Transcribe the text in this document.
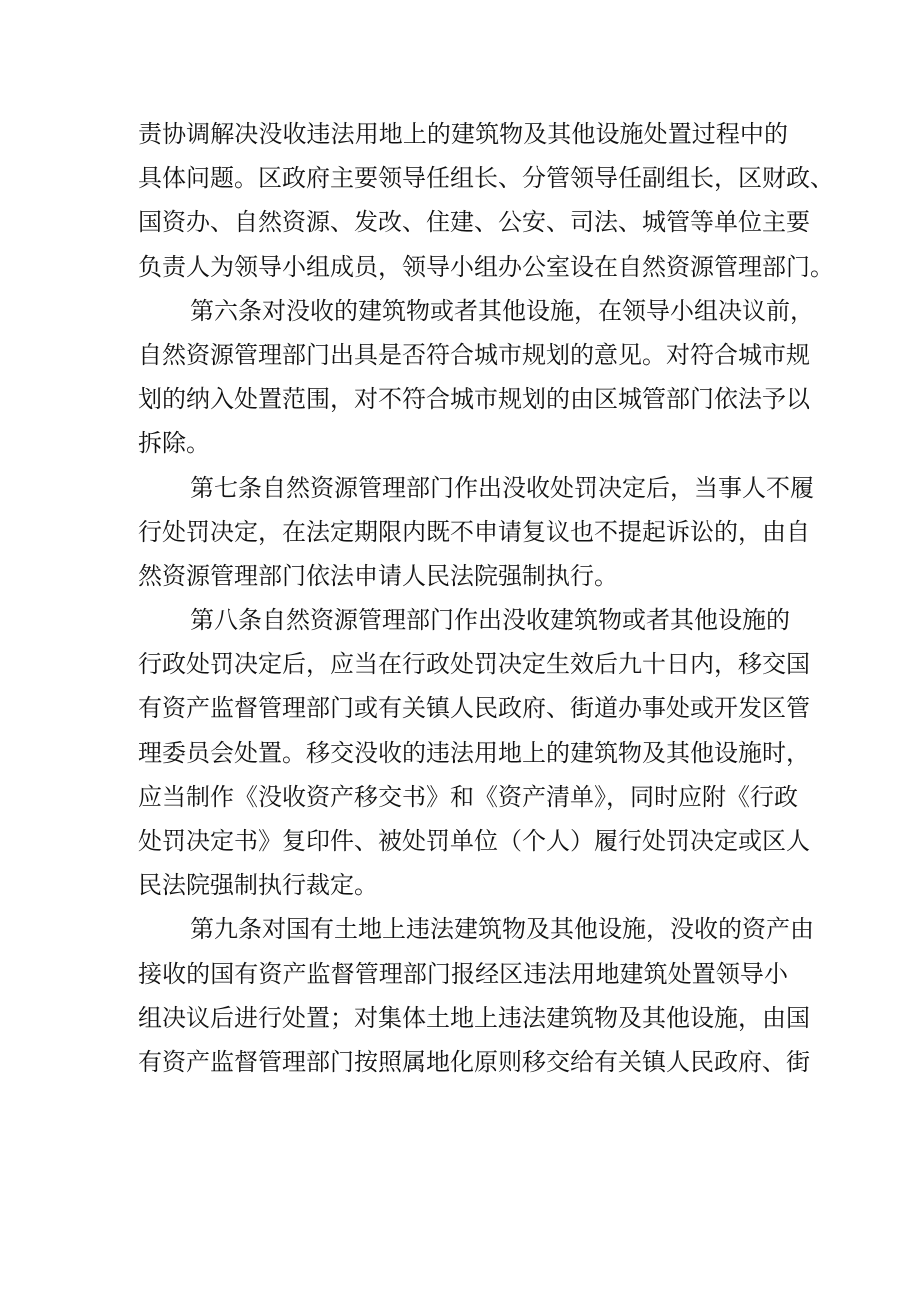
责协调解决没收违法用地上的建筑物及其他设施处置过程中的
具体问题。区政府主要领导任组长、分管领导任副组长，区财政、
国资办、自然资源、发改、住建、公安、司法、城管等单位主要
负责人为领导小组成员，领导小组办公室设在自然资源管理部门。
第六条对没收的建筑物或者其他设施，在领导小组决议前，
自然资源管理部门出具是否符合城市规划的意见。对符合城市规
划的纳入处置范围，对不符合城市规划的由区城管部门依法予以
拆除。
第七条自然资源管理部门作出没收处罚决定后，当事人不履
行处罚决定，在法定期限内既不申请复议也不提起诉讼的，由自
然资源管理部门依法申请人民法院强制执行。
第八条自然资源管理部门作出没收建筑物或者其他设施的
行政处罚决定后，应当在行政处罚决定生效后九十日内，移交国
有资产监督管理部门或有关镇人民政府、街道办事处或开发区管
理委员会处置。移交没收的违法用地上的建筑物及其他设施时，
应当制作《没收资产移交书》和《资产清单》，同时应附《行政
处罚决定书》复印件、被处罚单位（个人）履行处罚决定或区人
民法院强制执行裁定。
第九条对国有土地上违法建筑物及其他设施，没收的资产由
接收的国有资产监督管理部门报经区违法用地建筑处置领导小
组决议后进行处置；对集体土地上违法建筑物及其他设施，由国
有资产监督管理部门按照属地化原则移交给有关镇人民政府、街
